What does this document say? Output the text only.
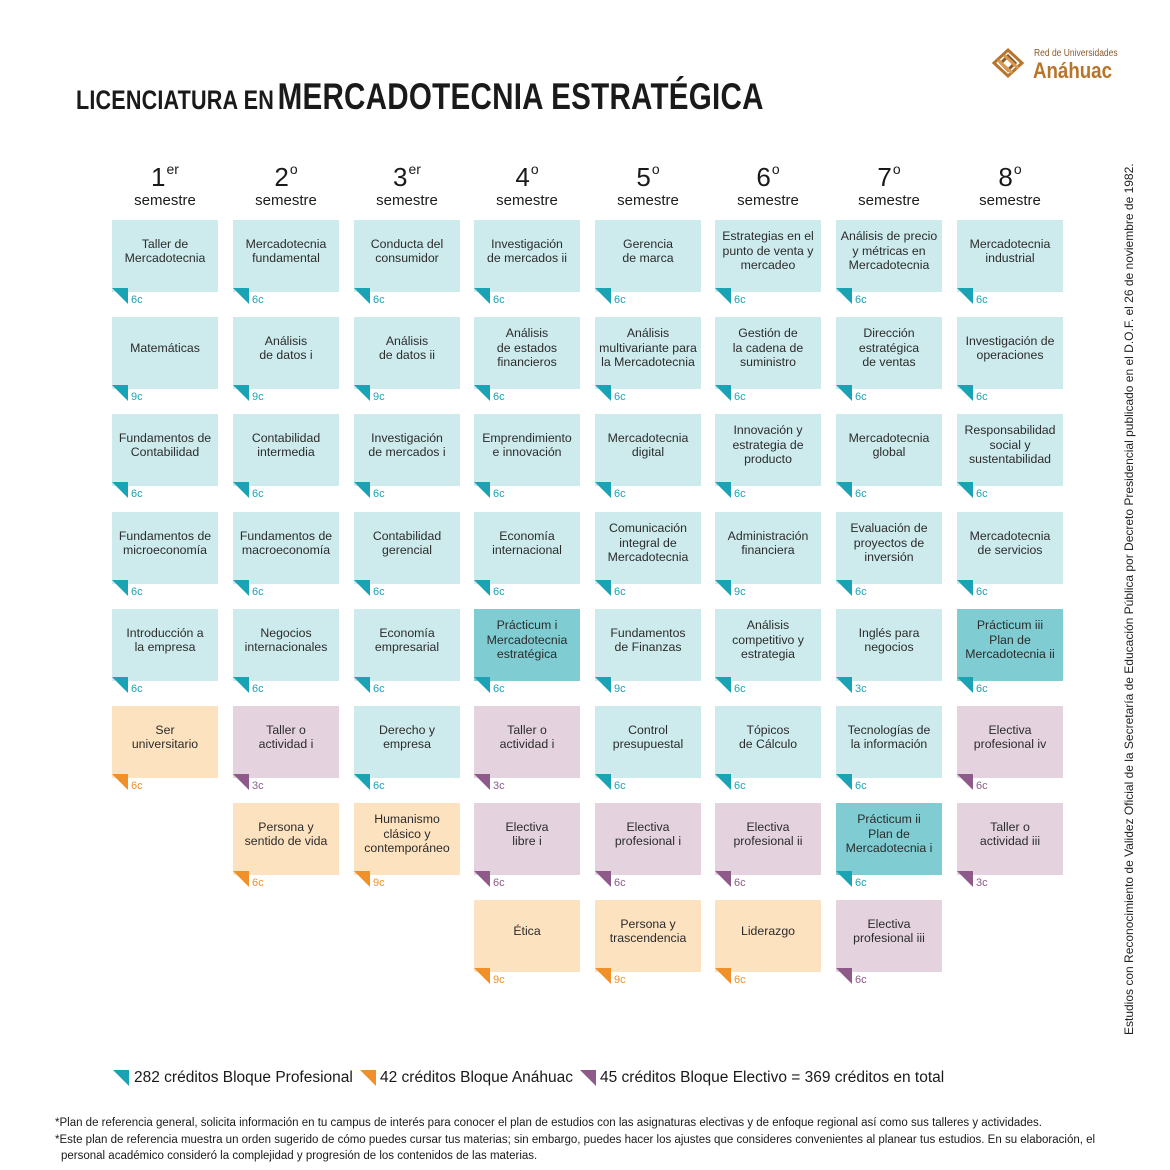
LICENCIATURA EN MERCADOTECNIA ESTRATÉGICA
Red de Universidades
Anáhuac
1er
semestre
Taller de
Mercadotecnia
6c
Matemáticas
9c
Fundamentos de
Contabilidad
6c
Fundamentos de
microeconomía
6c
Introducción a
la empresa
6c
Ser
universitario
6c
2$^o$
semestre
Mercadotecnia
fundamental
6c
Análisis
de datos i
9c
Contabilidad
intermedia
6c
Fundamentos de
macroeconomía
6c
Negocios
internacionales
6c
Taller o
actividad i
3c
Persona y
sentido de vida
6c
3er
semestre
Conducta del
consumidor
6c
Análisis
de datos ii
9c
Investigación
de mercados i
6c
Contabilidad
gerencial
6c
Economía
empresarial
6c
Derecho y
empresa
6c
Humanismo
clásico y
contemporáneo
9c
4$^o$
semestre
Investigación
de mercados ii
6c
Análisis
de estados
financieros
6c
Emprendimiento
e innovación
6c
Economía
internacional
6c
Prácticum i
Mercadotecnia
estratégica
6c
Taller o
actividad i
3c
Electiva
libre i
6c
Ética
9c
5$^o$
semestre
Gerencia
de marca
6c
Análisis
multivariante para
la Mercadotecnia
6c
Mercadotecnia
digital
6c
Comunicación
integral de
Mercadotecnia
6c
Fundamentos
de Finanzas
9c
Control
presupuestal
6c
Electiva
profesional i
6c
Persona y
trascendencia
9c
6$^o$
semestre
Estrategias en el
punto de venta y
mercadeo
6c
Gestión de
la cadena de
suministro
6c
Innovación y
estrategia de
producto
6c
Administración
financiera
9c
Análisis
competitivo y
estrategia
6c
Tópicos
de Cálculo
6c
Electiva
profesional ii
6c
Liderazgo
6c
7$^o$
semestre
Análisis de precio
y métricas en
Mercadotecnia
6c
Dirección
estratégica
de ventas
6c
Mercadotecnia
global
6c
Evaluación de
proyectos de
inversión
6c
Inglés para
negocios
3c
Tecnologías de
la información
6c
Prácticum ii
Plan de
Mercadotecnia i
6c
Electiva
profesional iii
6c
8$^o$
semestre
Mercadotecnia
industrial
6c
Investigación de
operaciones
6c
Responsabilidad
social y
sustentabilidad
6c
Mercadotecnia
de servicios
6c
Prácticum iii
Plan de
Mercadotecnia ii
6c
Electiva
profesional iv
6c
Taller o
actividad iii
3c	Estudios con Reconocimiento de Validez Oficial de la Secretaría de Educación Pública por Decreto Presidencial publicado en el D.O.F. el 26 de noviembre de 1982.
282 créditos Bloque Profesional 42 créditos Bloque Anáhuac 45 créditos Bloque Electivo = 369 créditos en total

*Plan de referencia general, solicita información en tu campus de interés para conocer el plan de estudios con las asignaturas electivas y de enfoque regional así como sus talleres y actividades.

*Este plan de referencia muestra un orden sugerido de cómo puedes cursar tus materias; sin embargo, puedes hacer los ajustes que consideres convenientes al planear tus estudios. En su elaboración, el

personal académico consideró la complejidad y progresión de los contenidos de las materias.
